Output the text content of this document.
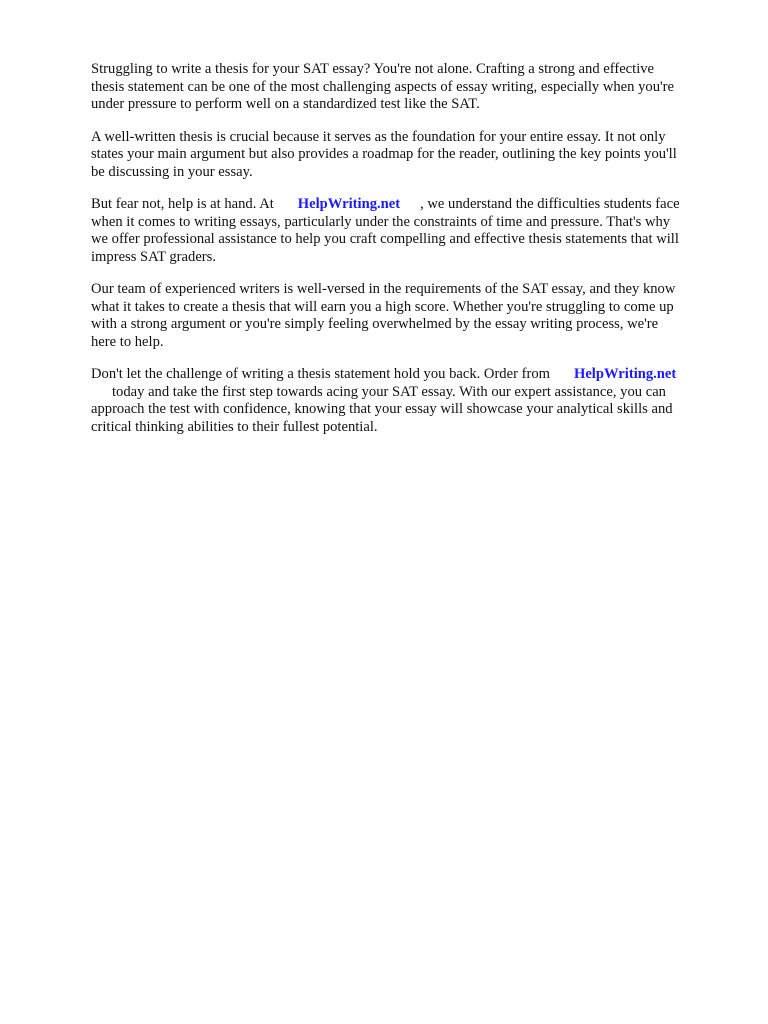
Struggling to write a thesis for your SAT essay? You're not alone. Crafting a strong and effective
thesis statement can be one of the most challenging aspects of essay writing, especially when you're
under pressure to perform well on a standardized test like the SAT.

A well-written thesis is crucial because it serves as the foundation for your entire essay. It not only
states your main argument but also provides a roadmap for the reader, outlining the key points you'll
be discussing in your essay.

But fear not, help is at hand. At HelpWriting.net , we understand the difficulties students face
when it comes to writing essays, particularly under the constraints of time and pressure. That's why
we offer professional assistance to help you craft compelling and effective thesis statements that will
impress SAT graders.

Our team of experienced writers is well-versed in the requirements of the SAT essay, and they know
what it takes to create a thesis that will earn you a high score. Whether you're struggling to come up
with a strong argument or you're simply feeling overwhelmed by the essay writing process, we're
here to help.

Don't let the challenge of writing a thesis statement hold you back. Order from HelpWriting.net
today and take the first step towards acing your SAT essay. With our expert assistance, you can
approach the test with confidence, knowing that your essay will showcase your analytical skills and
critical thinking abilities to their fullest potential.
